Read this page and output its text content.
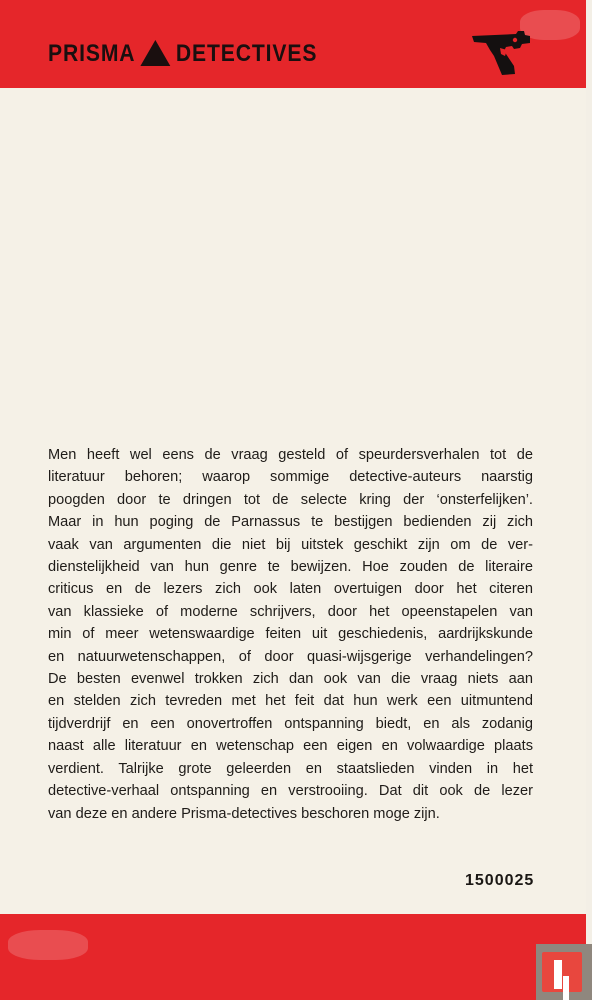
PRISMA DETECTIVES
Men heeft wel eens de vraag gesteld of speurdersverhalen tot de
literatuur behoren; waarop sommige detective-auteurs naarstig
poogden door te dringen tot de selecte kring der ‘onsterfelijken’.
Maar in hun poging de Parnassus te bestijgen bedienden zij zich
vaak van argumenten die niet bij uitstek geschikt zijn om de ver-
dienstelijkheid van hun genre te bewijzen. Hoe zouden de literaire
criticus en de lezers zich ook laten overtuigen door het citeren
van klassieke of moderne schrijvers, door het opeenstapelen van
min of meer wetenswaardige feiten uit geschiedenis, aardrijkskunde
en natuurwetenschappen, of door quasi-wijsgerige verhandelingen?
De besten evenwel trokken zich dan ook van die vraag niets aan
en stelden zich tevreden met het feit dat hun werk een uitmuntend
tijdverdrijf en een onovertroffen ontspanning biedt, en als zodanig
naast alle literatuur en wetenschap een eigen en volwaardige plaats
verdient. Talrijke grote geleerden en staatslieden vinden in het
detective-verhaal ontspanning en verstrooiing. Dat dit ook de lezer
van deze en andere Prisma-detectives beschoren moge zijn.
1500025
